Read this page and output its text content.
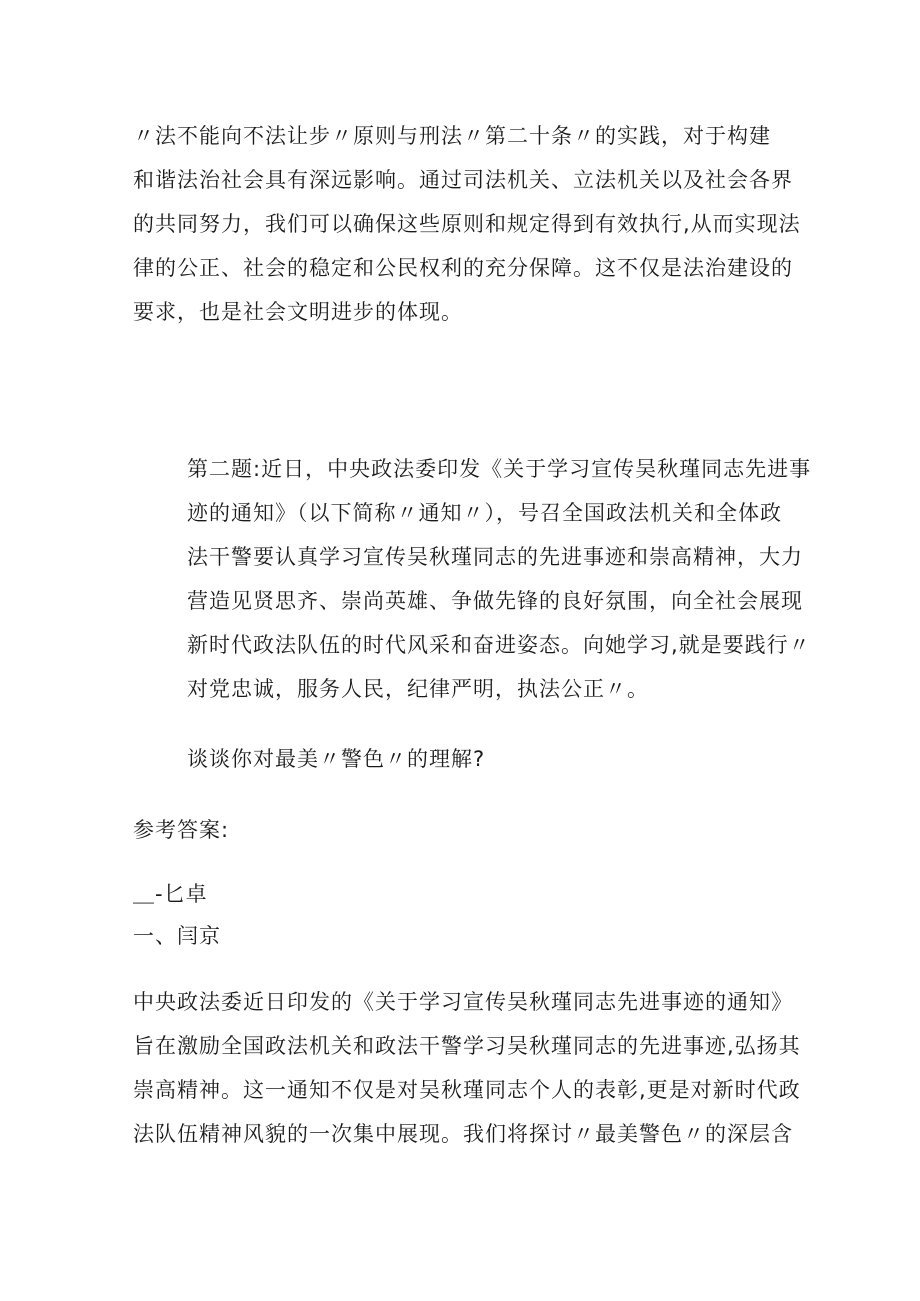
〃法不能向不法让步〃原则与刑法〃第二十条〃的实践，对于构建
和谐法治社会具有深远影响。通过司法机关、立法机关以及社会各界
的共同努力，我们可以确保这些原则和规定得到有效执行,从而实现法
律的公正、社会的稳定和公民权利的充分保障。这不仅是法治建设的
要求，也是社会文明进步的体现。

第二题:近日，中央政法委印发《关于学习宣传吴秋瑾同志先进事
迹的通知》（以下简称〃通知〃），号召全国政法机关和全体政
法干警要认真学习宣传吴秋瑾同志的先进事迹和崇高精神，大力
营造见贤思齐、崇尚英雄、争做先锋的良好氛围，向全社会展现
新时代政法队伍的时代风采和奋进姿态。向她学习,就是要践行〃
对党忠诚，服务人民，纪律严明，执法公正〃。

谈谈你对最美〃警色〃的理解?

参考答案:

＿-匕卓
一、闫京

中央政法委近日印发的《关于学习宣传吴秋瑾同志先进事迹的通知》
旨在激励全国政法机关和政法干警学习吴秋瑾同志的先进事迹,弘扬其
崇高精神。这一通知不仅是对吴秋瑾同志个人的表彰,更是对新时代政
法队伍精神风貌的一次集中展现。我们将探讨〃最美警色〃的深层含
